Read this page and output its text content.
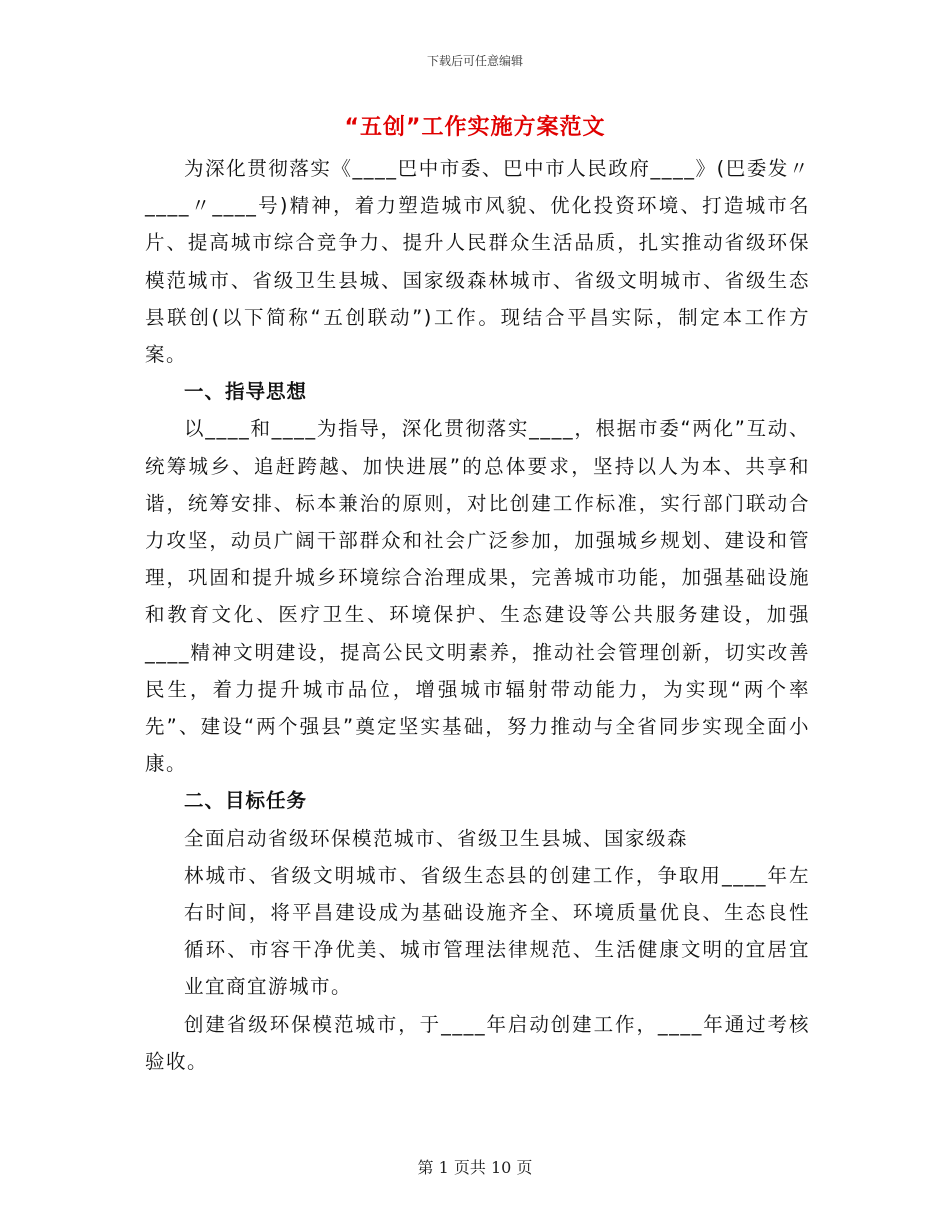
下载后可任意编辑
“五创”工作实施方案范文

为深化贯彻落实《____巴中市委、巴中市人民政府____》(巴委发〃____〃____号)精神，着力塑造城市风貌、优化投资环境、打造城市名片、提高城市综合竞争力、提升人民群众生活品质，扎实推动省级环保模范城市、省级卫生县城、国家级森林城市、省级文明城市、省级生态县联创(以下简称“五创联动”)工作。现结合平昌实际，制定本工作方案。

一、指导思想

以____和____为指导，深化贯彻落实____，根据市委“两化”互动、统筹城乡、追赶跨越、加快进展”的总体要求，坚持以人为本、共享和谐，统筹安排、标本兼治的原则，对比创建工作标准，实行部门联动合力攻坚，动员广阔干部群众和社会广泛参加，加强城乡规划、建设和管理，巩固和提升城乡环境综合治理成果，完善城市功能，加强基础设施和教育文化、医疗卫生、环境保护、生态建设等公共服务建设，加强____精神文明建设，提高公民文明素养，推动社会管理创新，切实改善民生，着力提升城市品位，增强城市辐射带动能力，为实现“两个率先”、建设“两个强县”奠定坚实基础，努力推动与全省同步实现全面小康。

二、目标任务

全面启动省级环保模范城市、省级卫生县城、国家级森

林城市、省级文明城市、省级生态县的创建工作，争取用____年左右时间，将平昌建设成为基础设施齐全、环境质量优良、生态良性循环、市容干净优美、城市管理法律规范、生活健康文明的宜居宜业宜商宜游城市。

创建省级环保模范城市，于____年启动创建工作，____年通过考核验收。

第 1 页共 10 页
